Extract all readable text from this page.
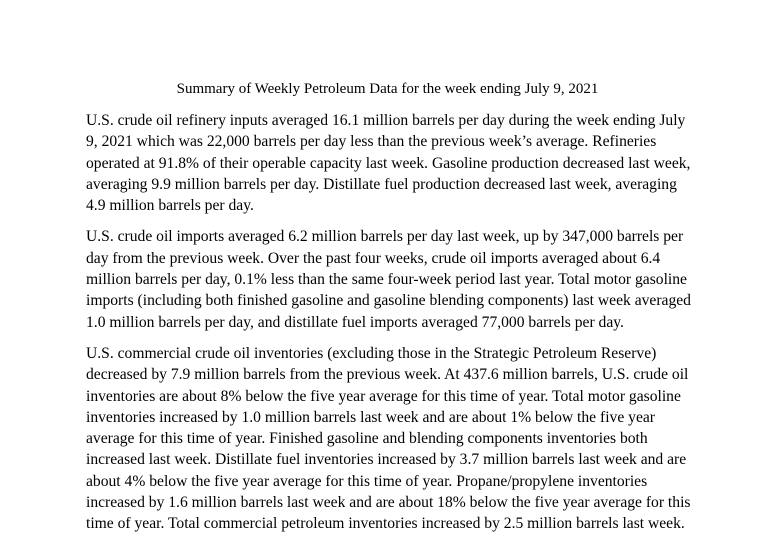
Summary of Weekly Petroleum Data for the week ending July 9, 2021

U.S. crude oil refinery inputs averaged 16.1 million barrels per day during the week ending July
9, 2021 which was 22,000 barrels per day less than the previous week’s average. Refineries
operated at 91.8% of their operable capacity last week. Gasoline production decreased last week,
averaging 9.9 million barrels per day. Distillate fuel production decreased last week, averaging
4.9 million barrels per day.

U.S. crude oil imports averaged 6.2 million barrels per day last week, up by 347,000 barrels per
day from the previous week. Over the past four weeks, crude oil imports averaged about 6.4
million barrels per day, 0.1% less than the same four-week period last year. Total motor gasoline
imports (including both finished gasoline and gasoline blending components) last week averaged
1.0 million barrels per day, and distillate fuel imports averaged 77,000 barrels per day.

U.S. commercial crude oil inventories (excluding those in the Strategic Petroleum Reserve)
decreased by 7.9 million barrels from the previous week. At 437.6 million barrels, U.S. crude oil
inventories are about 8% below the five year average for this time of year. Total motor gasoline
inventories increased by 1.0 million barrels last week and are about 1% below the five year
average for this time of year. Finished gasoline and blending components inventories both
increased last week. Distillate fuel inventories increased by 3.7 million barrels last week and are
about 4% below the five year average for this time of year. Propane/propylene inventories
increased by 1.6 million barrels last week and are about 18% below the five year average for this
time of year. Total commercial petroleum inventories increased by 2.5 million barrels last week.
